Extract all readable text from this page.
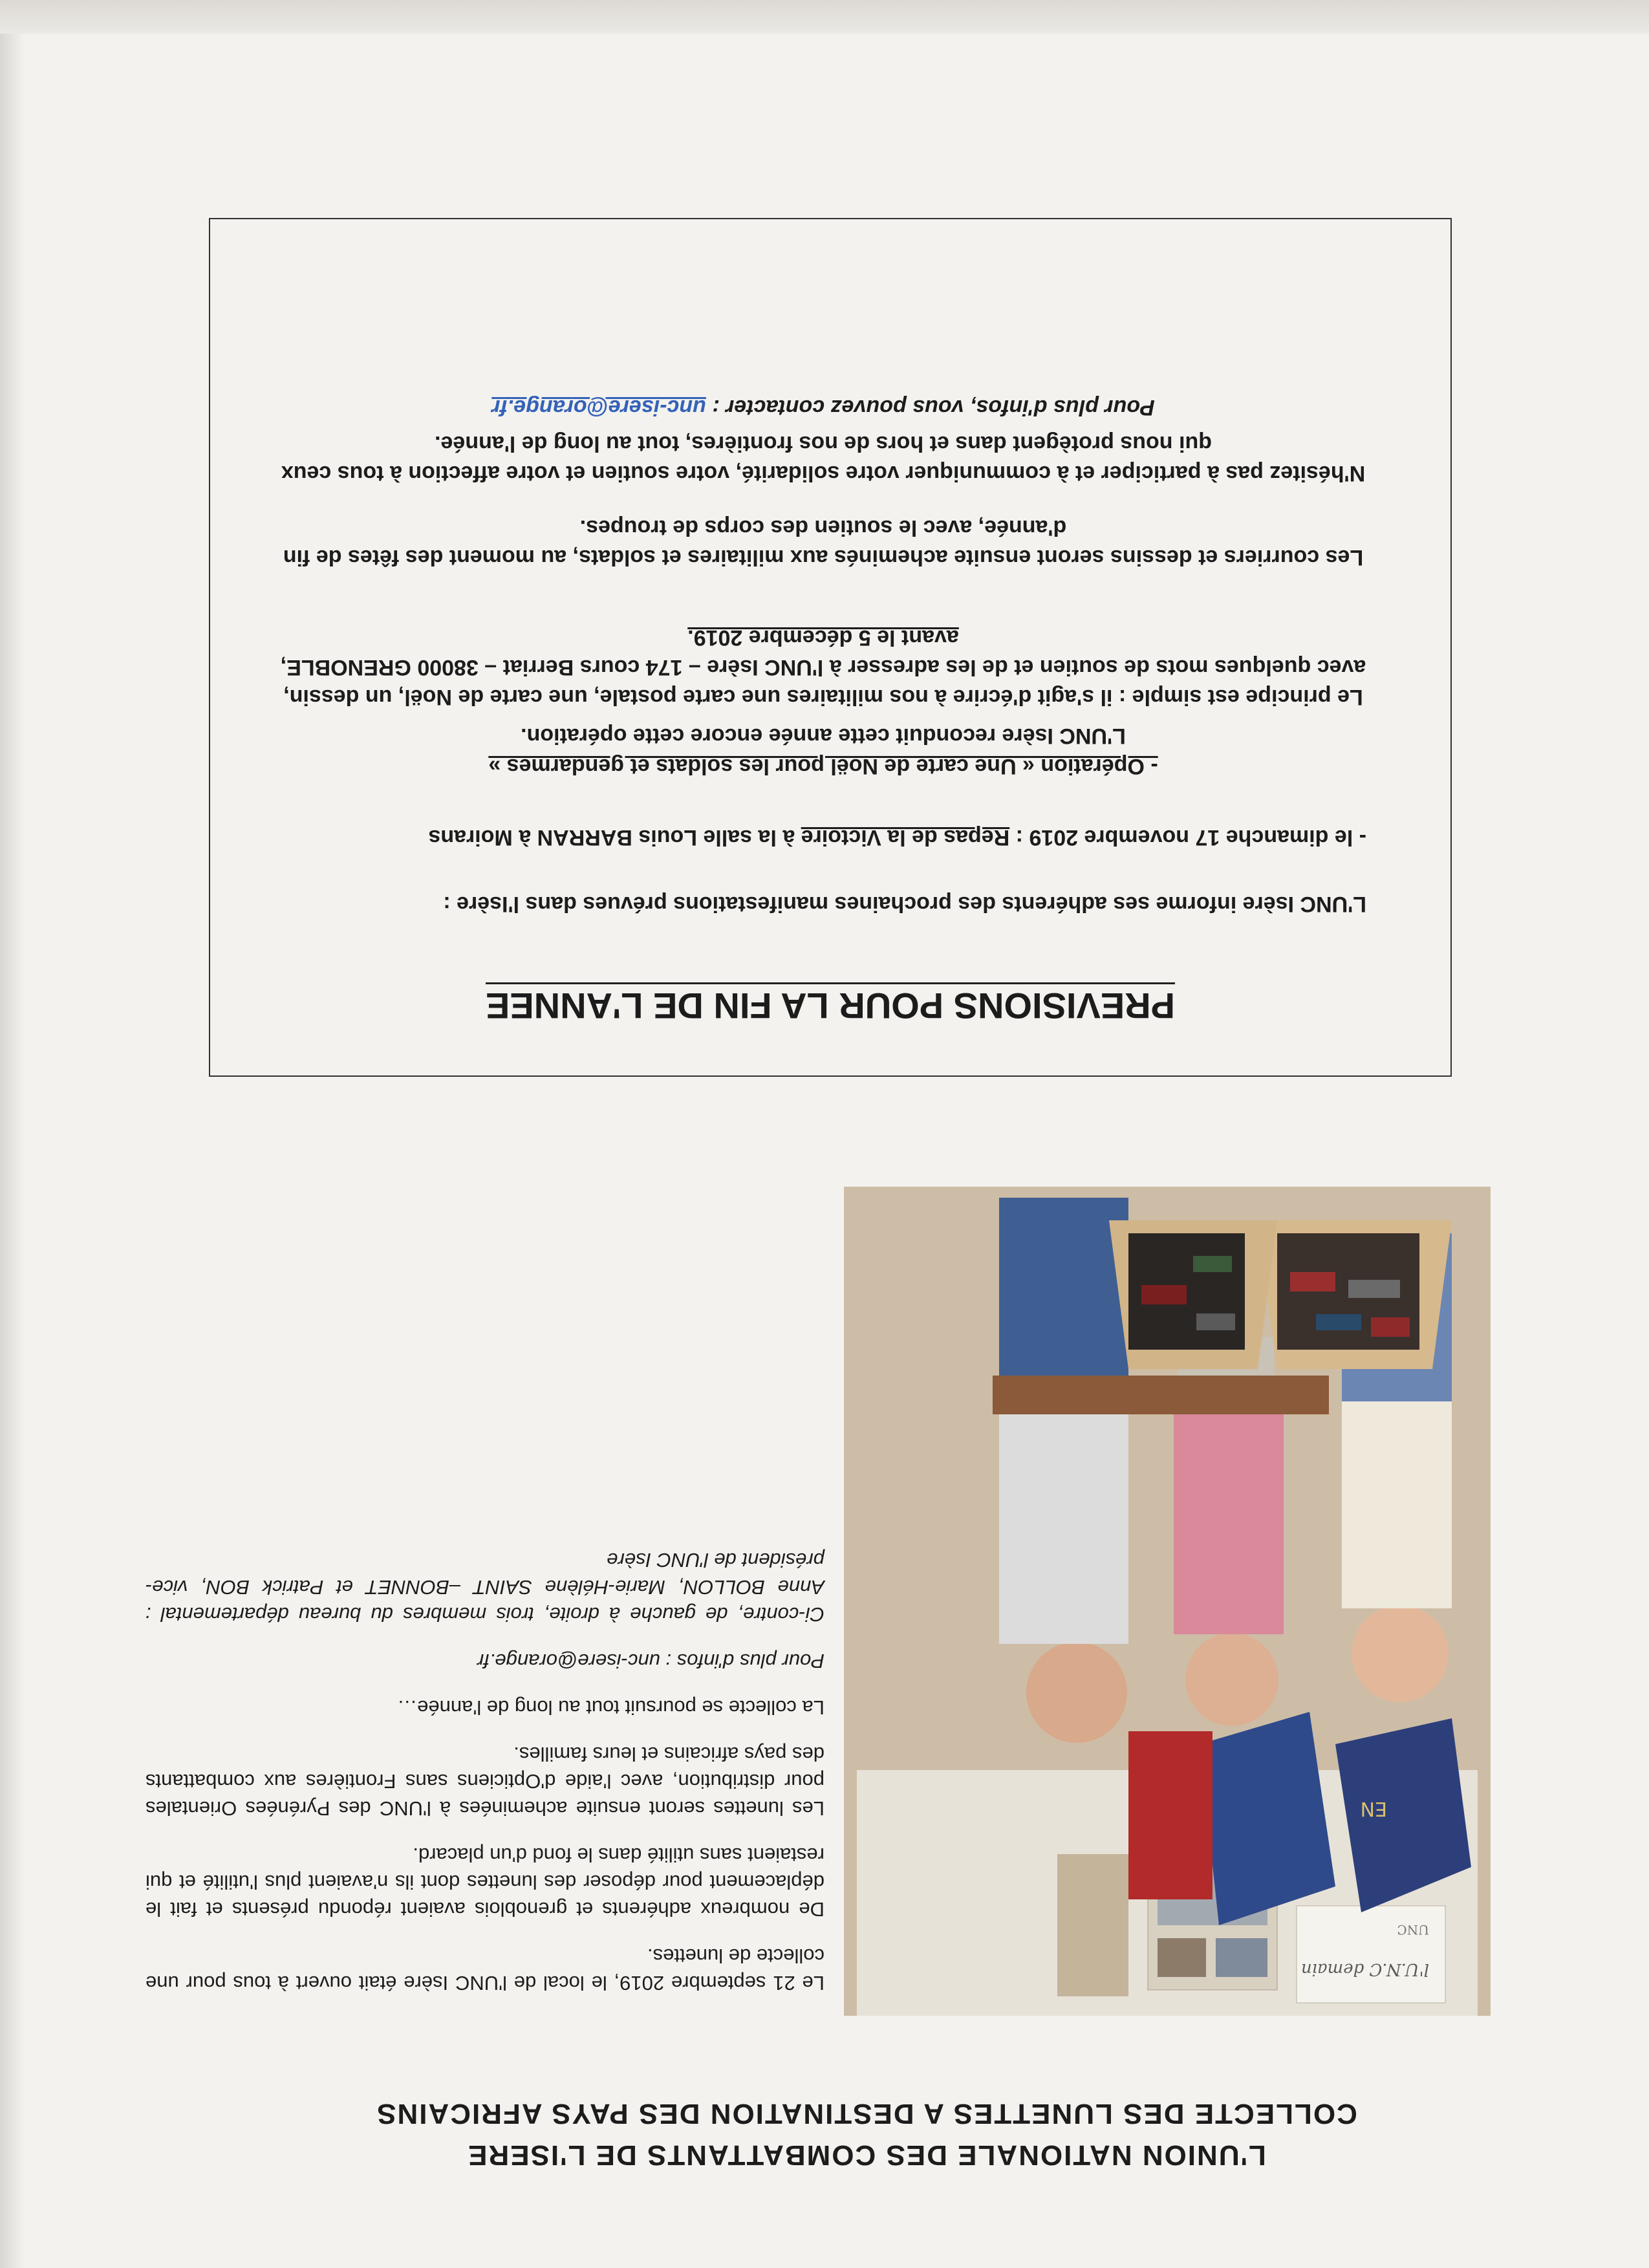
L'UNION NATIONALE DES COMBATTANTS DE L'ISERE
COLLECTE DES LUNETTES A DESTINATION DES PAYS AFRICAINS
l'U.N.C demain
UNC
EN

Le 21 septembre 2019, le local de l'UNC Isère était ouvert à tous pour une collecte de lunettes.

De nombreux adhérents et grenoblois avaient répondu présents et fait le déplacement pour déposer des lunettes dont ils n'avaient plus l'utilité et qui restaient sans utilité dans le fond d'un placard.

Les lunettes seront ensuite acheminées à l'UNC des Pyrénées Orientales pour distribution, avec l'aide d'Opticiens sans Frontières aux combattants des pays africains et leurs familles.

La collecte se poursuit tout au long de l'année…

Pour plus d'infos : unc-isere@orange.fr

Ci-contre, de gauche à droite, trois membres du bureau départemental : Anne BOLLON, Marie-Hélène SAINT –BONNET et Patrick BON, vice-président de l'UNC Isère

PREVISIONS POUR LA FIN DE L'ANNEE

L'UNC Isère informe ses adhérents des prochaines manifestations prévues dans l'Isère :

- le dimanche 17 novembre 2019 : Repas de la Victoire à la salle Louis BARRAN à Moirans

- Opération « Une carte de Noël pour les soldats et gendarmes »

L'UNC Isère reconduit cette année encore cette opération.

Le principe est simple : il s'agit d'écrire à nos militaires une carte postale, une carte de Noël, un dessin, avec quelques mots de soutien et de les adresser à l'UNC Isère – 174 cours Berriat – 38000 GRENOBLE, avant le 5 décembre 2019.

Les courriers et dessins seront ensuite acheminés aux militaires et soldats, au moment des fêtes de fin d'année, avec le soutien des corps de troupes.

N'hésitez pas à participer et à communiquer votre solidarité, votre soutien et votre affection à tous ceux qui nous protègent dans et hors de nos frontières, tout au long de l'année.

Pour plus d'infos, vous pouvez contacter : unc-isere@orange.fr
